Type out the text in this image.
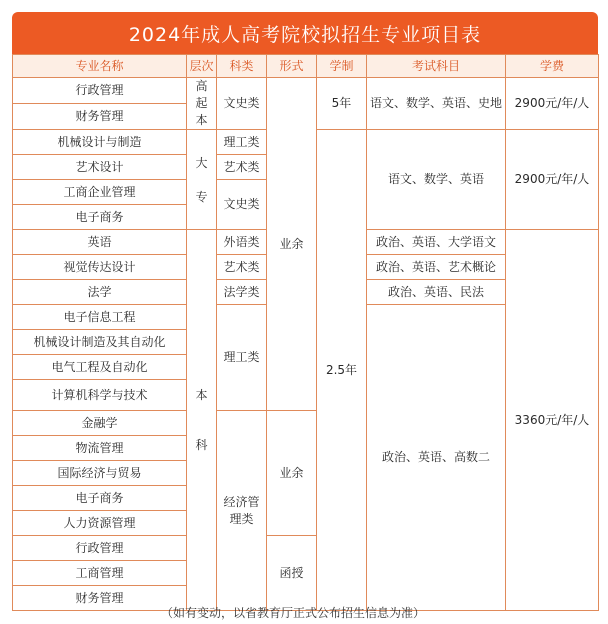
2024年成人高考院校拟招生专业项目表
专业名称	层次	科类	形式	学制	考试科目	学费	
行政管理	高起本	文史类	业余	5年	语文、数学、英语、史地	2900元/年/人	
财务管理							
机械设计与制造	大专	理工类		2.5年	语文、数学、英语	2900元/年/人	
艺术设计		艺术类					
工商企业管理		文史类					
电子商务							
英语	本科	外语类			政治、英语、大学语文	3360元/年/人	
视觉传达设计		艺术类			政治、英语、艺术概论		
法学		法学类			政治、英语、民法		
电子信息工程		理工类			政治、英语、高数二		
机械设计制造及其自动化							
电气工程及自动化							
计算机科学与技术	
金融学		经济管理类	业余				
物流管理							
国际经济与贸易							
电子商务							
人力资源管理							
行政管理			函授				
工商管理							
财务管理							
（如有变动，以省教育厅正式公布招生信息为准）
